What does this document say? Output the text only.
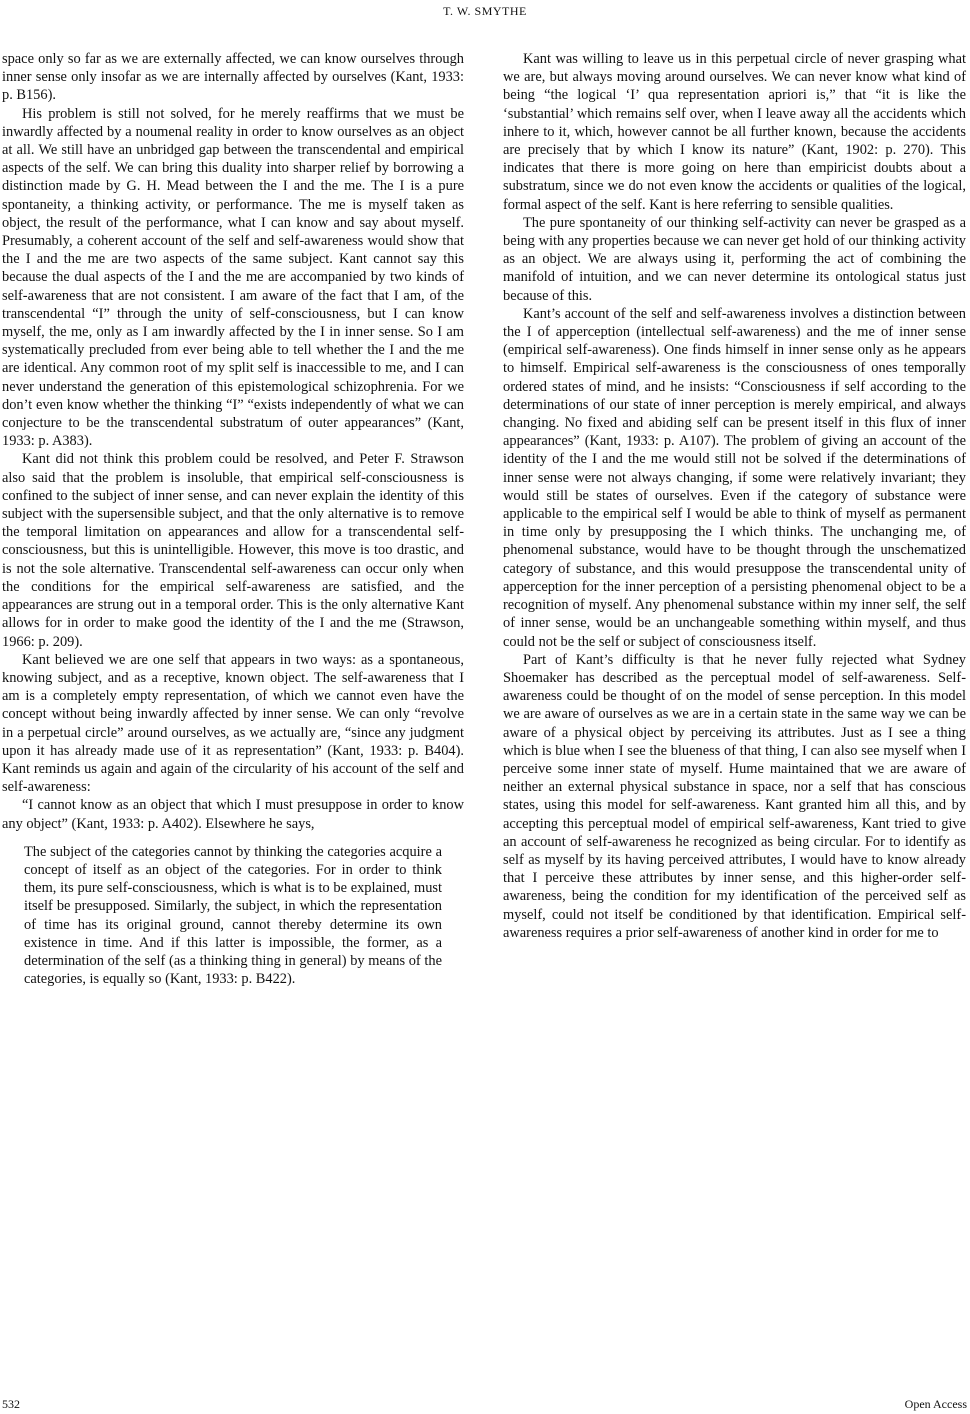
T. W. SMYTHE

space only so far as we are externally affected, we can know ourselves through inner sense only insofar as we are internally affected by ourselves (Kant, 1933: p. B156).

His problem is still not solved, for he merely reaffirms that we must be inwardly affected by a noumenal reality in order to know ourselves as an object at all. We still have an unbridged gap between the transcendental and empirical aspects of the self. We can bring this duality into sharper relief by borrowing a distinction made by G. H. Mead between the I and the me. The I is a pure spontaneity, a thinking activity, or performance. The me is myself taken as object, the result of the performance, what I can know and say about myself. Presumably, a coherent account of the self and self-awareness would show that the I and the me are two aspects of the same subject. Kant cannot say this because the dual aspects of the I and the me are accompanied by two kinds of self-awareness that are not consistent. I am aware of the fact that I am, of the transcendental “I” through the unity of self-consciousness, but I can know myself, the me, only as I am inwardly affected by the I in inner sense. So I am systematically precluded from ever being able to tell whether the I and the me are identical. Any common root of my split self is inaccessible to me, and I can never understand the generation of this epistemological schizophrenia. For we don’t even know whether the thinking “I” “exists independently of what we can conjecture to be the transcendental substratum of outer appearances” (Kant, 1933: p. A383).

Kant did not think this problem could be resolved, and Peter F. Strawson also said that the problem is insoluble, that empirical self-consciousness is confined to the subject of inner sense, and can never explain the identity of this subject with the supersensible subject, and that the only alternative is to remove the temporal limitation on appearances and allow for a transcendental self-consciousness, but this is unintelligible. However, this move is too drastic, and is not the sole alternative. Transcendental self-awareness can occur only when the conditions for the empirical self-awareness are satisfied, and the appearances are strung out in a temporal order. This is the only alternative Kant allows for in order to make good the identity of the I and the me (Strawson, 1966: p. 209).

Kant believed we are one self that appears in two ways: as a spontaneous, knowing subject, and as a receptive, known object. The self-awareness that I am is a completely empty representation, of which we cannot even have the concept without being inwardly affected by inner sense. We can only “revolve in a perpetual circle” around ourselves, as we actually are, “since any judgment upon it has already made use of it as representation” (Kant, 1933: p. B404). Kant reminds us again and again of the circularity of his account of the self and self-awareness:

“I cannot know as an object that which I must presuppose in order to know any object” (Kant, 1933: p. A402). Elsewhere he says,

The subject of the categories cannot by thinking the categories acquire a concept of itself as an object of the categories. For in order to think them, its pure self-consciousness, which is what is to be explained, must itself be presupposed. Similarly, the subject, in which the representation of time has its original ground, cannot thereby determine its own existence in time. And if this latter is impossible, the former, as a determination of the self (as a thinking thing in general) by means of the categories, is equally so (Kant, 1933: p. B422).

Kant was willing to leave us in this perpetual circle of never grasping what we are, but always moving around ourselves. We can never know what kind of being “the logical ‘I’ qua representation apriori is,” that “it is like the ‘substantial’ which remains self over, when I leave away all the accidents which inhere to it, which, however cannot be all further known, because the accidents are precisely that by which I know its nature” (Kant, 1902: p. 270). This indicates that there is more going on here than empiricist doubts about a substratum, since we do not even know the accidents or qualities of the logical, formal aspect of the self. Kant is here referring to sensible qualities.

The pure spontaneity of our thinking self-activity can never be grasped as a being with any properties because we can never get hold of our thinking activity as an object. We are always using it, performing the act of combining the manifold of intuition, and we can never determine its ontological status just because of this.

Kant’s account of the self and self-awareness involves a distinction between the I of apperception (intellectual self-awareness) and the me of inner sense (empirical self-awareness). One finds himself in inner sense only as he appears to himself. Empirical self-awareness is the consciousness of ones temporally ordered states of mind, and he insists: “Consciousness if self according to the determinations of our state of inner perception is merely empirical, and always changing. No fixed and abiding self can be present itself in this flux of inner appearances” (Kant, 1933: p. A107). The problem of giving an account of the identity of the I and the me would still not be solved if the determinations of inner sense were not always changing, if some were relatively invariant; they would still be states of ourselves. Even if the category of substance were applicable to the empirical self I would be able to think of myself as permanent in time only by presupposing the I which thinks. The unchanging me, of phenomenal substance, would have to be thought through the unschematized category of substance, and this would presuppose the transcendental unity of apperception for the inner perception of a persisting phenomenal object to be a recognition of myself. Any phenomenal substance within my inner self, the self of inner sense, would be an unchangeable something within myself, and thus could not be the self or subject of consciousness itself.

Part of Kant’s difficulty is that he never fully rejected what Sydney Shoemaker has described as the perceptual model of self-awareness. Self-awareness could be thought of on the model of sense perception. In this model we are aware of ourselves as we are in a certain state in the same way we can be aware of a physical object by perceiving its attributes. Just as I see a thing which is blue when I see the blueness of that thing, I can also see myself when I perceive some inner state of myself. Hume maintained that we are aware of neither an external physical substance in space, nor a self that has conscious states, using this model for self-awareness. Kant granted him all this, and by accepting this perceptual model of empirical self-awareness, Kant tried to give an account of self-awareness he recognized as being circular. For to identify as self as myself by its having perceived attributes, I would have to know already that I perceive these attributes by inner sense, and this higher-order self-awareness, being the condition for my identification of the perceived self as myself, could not itself be conditioned by that identification. Empirical self-awareness requires a prior self-awareness of another kind in order for me to

532	Open Access
